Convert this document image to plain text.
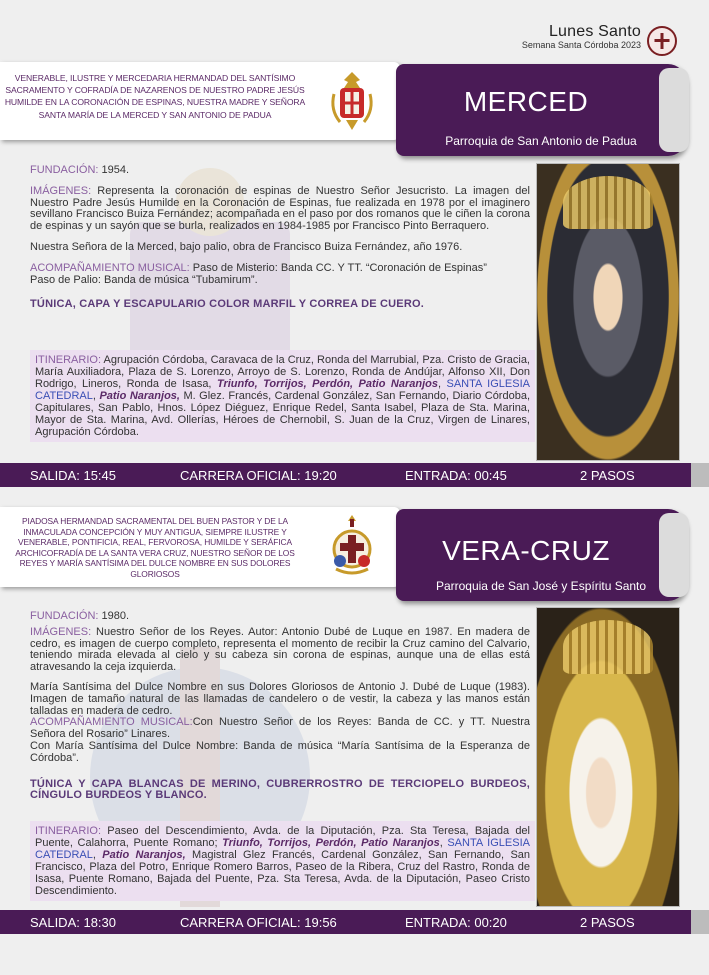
Lunes Santo
Semana Santa Córdoba 2023
VENERABLE, ILUSTRE Y MERCEDARIA HERMANDAD DEL SANTÍSIMO SACRAMENTO Y COFRADÍA DE NAZARENOS DE NUESTRO PADRE JESÚS HUMILDE EN LA CORONACIÓN DE ESPINAS, NUESTRA MADRE Y SEÑORA SANTA MARÍA DE LA MERCED Y SAN ANTONIO DE PADUA	MERCED
Parroquia de San Antonio de Padua

FUNDACIÓN: 1954.

IMÁGENES: Representa la coronación de espinas de Nuestro Señor Jesucristo. La imagen del Nuestro Padre Jesús Humilde en la Coronación de Espinas, fue realizada en 1978 por el imaginero sevillano Francisco Buiza Fernández; acompañada en el paso por dos romanos que le ciñen la corona de espinas y un sayón que se burla, realizados en 1984-1985 por Francisco Pinto Berraquero.

Nuestra Señora de la Merced, bajo palio, obra de Francisco Buiza Fernández, año 1976.

ACOMPAÑAMIENTO MUSICAL: Paso de Misterio: Banda CC. Y TT. “Coronación de Espinas”

Paso de Palio: Banda de música “Tubamirum”.

TÚNICA, CAPA Y ESCAPULARIO COLOR MARFIL Y CORREA DE CUERO.

ITINERARIO: Agrupación Córdoba, Caravaca de la Cruz, Ronda del Marrubial, Pza. Cristo de Gracia, María Auxiliadora, Plaza de S. Lorenzo, Arroyo de S. Lorenzo, Ronda de Andújar, Alfonso XII, Don Rodrigo, Lineros, Ronda de Isasa, Triunfo, Torrijos, Perdón, Patio Naranjos, SANTA IGLESIA CATEDRAL, Patio Naranjos, M. Glez. Francés, Cardenal González, San Fernando, Diario Córdoba, Capitulares, San Pablo, Hnos. López Diéguez, Enrique Redel, Santa Isabel, Plaza de Sta. Marina, Mayor de Sta. Marina, Avd. Ollerías, Héroes de Chernobil, S. Juan de la Cruz, Virgen de Linares, Agrupación Córdoba.
SALIDA: 15:45	CARRERA OFICIAL: 19:20	ENTRADA: 00:45	2 PASOS
PIADOSA HERMANDAD SACRAMENTAL DEL BUEN PASTOR Y DE LA INMACULADA CONCEPCIÓN Y MUY ANTIGUA, SIEMPRE ILUSTRE Y VENERABLE, PONTIFICIA, REAL, FERVOROSA, HUMILDE Y SERÁFICA ARCHICOFRADÍA DE LA SANTA VERA CRUZ, NUESTRO SEÑOR DE LOS REYES Y MARÍA SANTÍSIMA DEL DULCE NOMBRE EN SUS DOLORES GLORIOSOS
VERA-CRUZ
Parroquia de San José y Espíritu Santo

FUNDACIÓN: 1980.

IMÁGENES: Nuestro Señor de los Reyes. Autor: Antonio Dubé de Luque en 1987. En madera de cedro, es imagen de cuerpo completo, representa el momento de recibir la Cruz camino del Calvario, teniendo mirada elevada al cielo y su cabeza sin corona de espinas, aunque una de ellas está atravesando la ceja izquierda.

María Santísima del Dulce Nombre en sus Dolores Gloriosos de Antonio J. Dubé de Luque (1983). Imagen de tamaño natural de las llamadas de candelero o de vestir, la cabeza y las manos están talladas en madera de cedro.

ACOMPAÑAMIENTO MUSICAL:Con Nuestro Señor de los Reyes: Banda de CC. y TT. Nuestra Señora del Rosario” Linares.

Con María Santísima del Dulce Nombre: Banda de música “María Santísima de la Esperanza de Córdoba”.

TÚNICA Y CAPA BLANCAS DE MERINO, CUBRERROSTRO DE TERCIOPELO BURDEOS, CÍNGULO BURDEOS Y BLANCO.

ITINERARIO: Paseo del Descendimiento, Avda. de la Diputación, Pza. Sta Teresa, Bajada del Puente, Calahorra, Puente Romano; Triunfo, Torrijos, Perdón, Patio Naranjos, SANTA IGLESIA CATEDRAL, Patio Naranjos, Magistral Glez Francés, Cardenal González, San Fernando, San Francisco, Plaza del Potro, Enrique Romero Barros, Paseo de la Ribera, Cruz del Rastro, Ronda de Isasa, Puente Romano, Bajada del Puente, Pza. Sta Teresa, Avda. de la Diputación, Paseo Cristo Descendimiento.
SALIDA: 18:30	CARRERA OFICIAL: 19:56	ENTRADA: 00:20	2 PASOS
